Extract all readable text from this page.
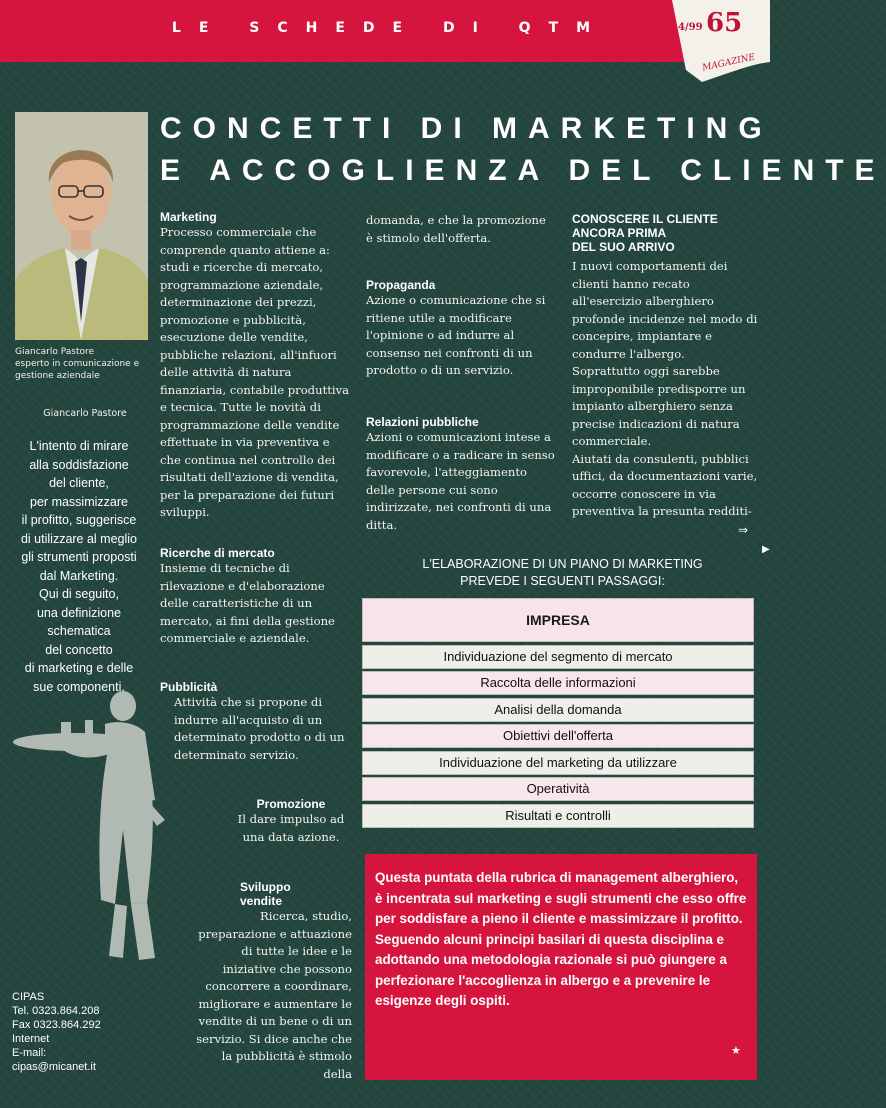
LE SCHEDE DI QTM	4/99 65
MAGAZINE
CONCETTI DI MARKETING
E ACCOGLIENZA DEL CLIENTE
Giancarlo Pastore
esperto in comunicazione e gestione aziendale
Giancarlo Pastore
L'intento di mirare
alla soddisfazione
del cliente,
per massimizzare
il profitto, suggerisce
di utilizzare al meglio
gli strumenti proposti
dal Marketing.
Qui di seguito,
una definizione
schematica
del concetto
di marketing e delle
sue componenti.
CIPAS
Tel. 0323.864.208
Fax 0323.864.292
Internet
E-mail:
cipas@micanet.it
Marketing
Processo commerciale che comprende quanto attiene a: studi e ricerche di mercato, programmazione aziendale, determinazione dei prezzi, promozione e pubblicità, esecuzione delle vendite, pubbliche relazioni, all'infuori delle attività di natura finanziaria, contabile produttiva e tecnica. Tutte le novità di programmazione delle vendite effettuate in via preventiva e che continua nel controllo dei risultati dell'azione di vendita, per la preparazione dei futuri sviluppi.
Ricerche di mercato
Insieme di tecniche di rilevazione e d'elaborazione delle caratteristiche di un mercato, ai fini della gestione commerciale e aziendale.
Pubblicità
Attività che si propone di indurre all'acquisto di un determinato prodotto o di un determinato servizio.
Promozione
Il dare impulso ad una data azione.
Sviluppo
vendite
Ricerca, studio, preparazione e attuazione di tutte le idee e le iniziative che possono concorrere a coordinare, migliorare e aumentare le vendite di un bene o di un servizio. Si dice anche che la pubblicità è stimolo della
domanda, e che la promozione è stimolo dell'offerta.
Propaganda
Azione o comunicazione che si ritiene utile a modificare l'opinione o ad indurre al consenso nei confronti di un prodotto o di un servizio.
Relazioni pubbliche
Azioni o comunicazioni intese a modificare o a radicare in senso favorevole, l'atteggiamento delle persone cui sono indirizzate, nei confronti di una ditta.
CONOSCERE IL CLIENTE
ANCORA PRIMA
DEL SUO ARRIVO
I nuovi comportamenti dei clienti hanno recato all'esercizio alberghiero profonde incidenze nel modo di concepire, impiantare e condurre l'albergo.
Soprattutto oggi sarebbe improponibile predisporre un impianto alberghiero senza precise indicazioni di natura commerciale.
Aiutati da consulenti, pubblici uffici, da documentazioni varie, occorre conoscere in via preventiva la presunta redditi-
⇒
▶
L'ELABORAZIONE DI UN PIANO DI MARKETING
PREVEDE I SEGUENTI PASSAGGI:
IMPRESA
Individuazione del segmento di mercato
Raccolta delle informazioni
Analisi della domanda
Obiettivi dell'offerta
Individuazione del marketing da utilizzare
Operatività
Risultati e controlli
Questa puntata della rubrica di management alberghiero, è incentrata sul marketing e sugli strumenti che esso offre per soddisfare a pieno il cliente e massimizzare il profitto.
Seguendo alcuni principi basilari di questa disciplina e adottando una metodologia razionale si può giungere a perfezionare l'accoglienza in albergo e a prevenire le esigenze degli ospiti.
★
